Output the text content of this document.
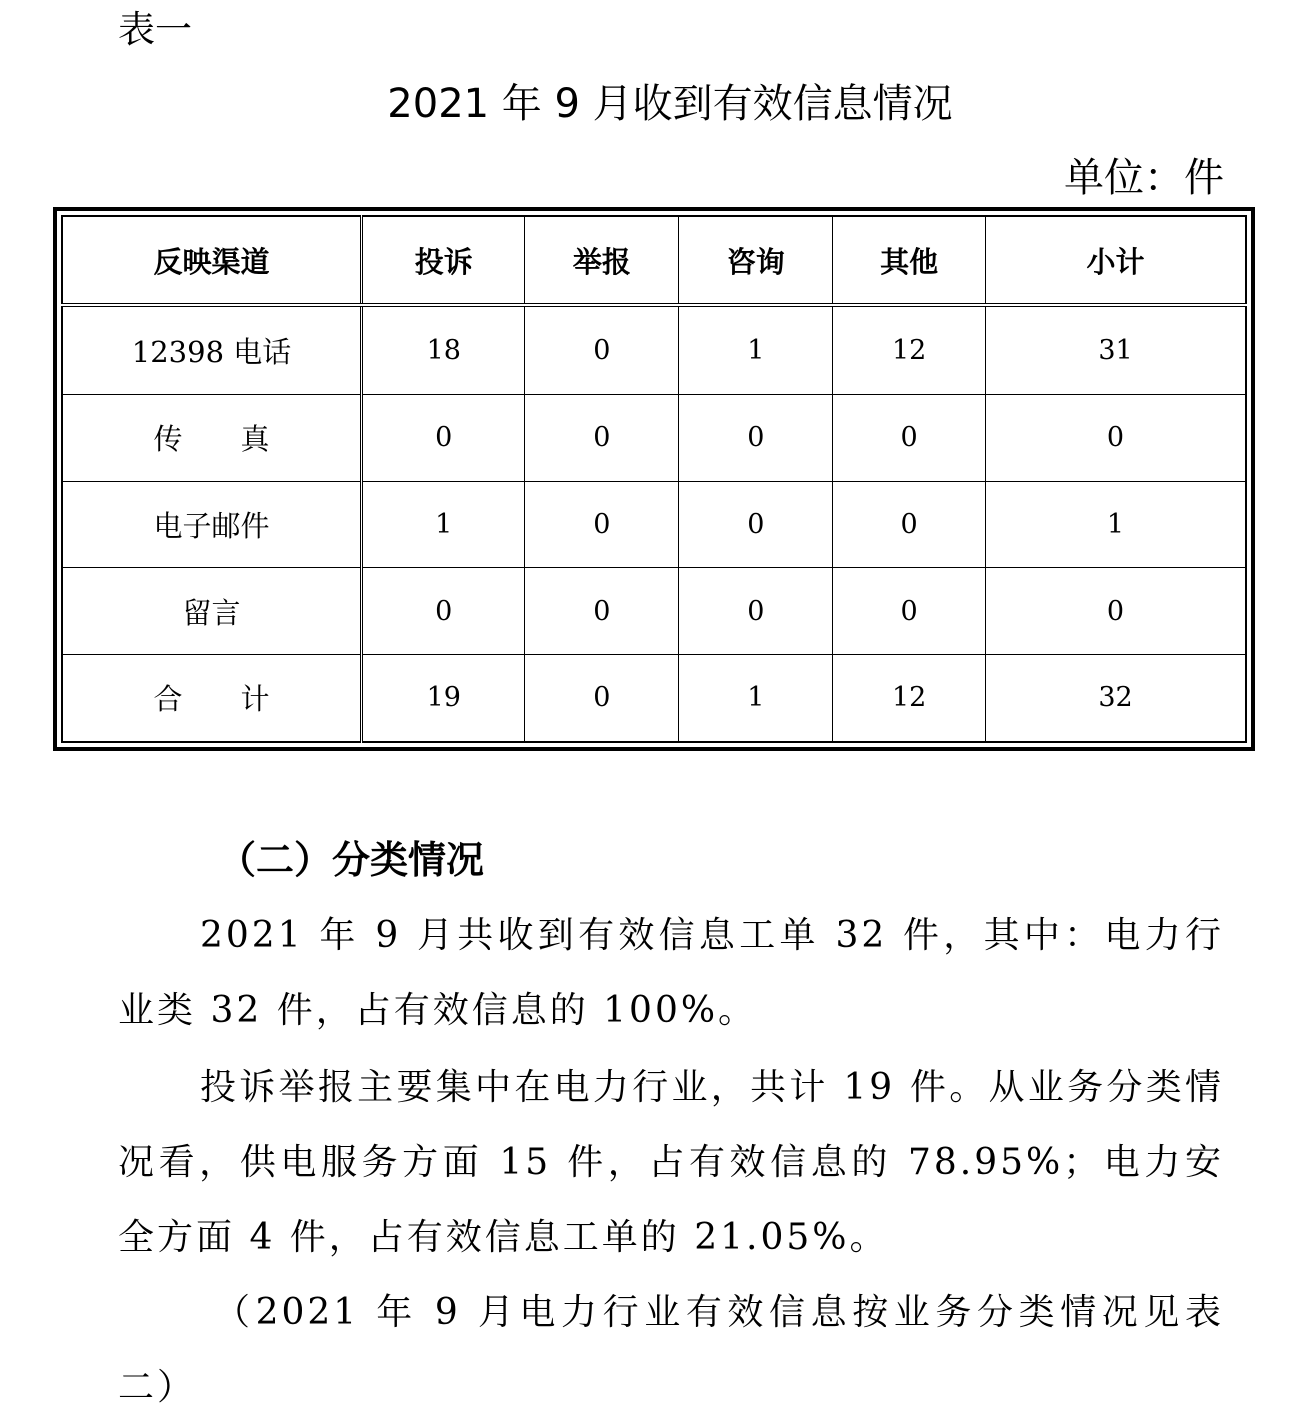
表一
2021 年 9 月收到有效信息情况
单位：件
反映渠道	投诉	举报	咨询	其他	小计
12398 电话	18	0	1	12	31
传　　真	0	0	0	0	0
电子邮件	1	0	0	0	1
留言	0	0	0	0	0
合　　计	19	0	1	12	32
（二）分类情况

2021 年 9 月共收到有效信息工单 32 件，其中：电力行业类 32 件，占有效信息的 100%。

投诉举报主要集中在电力行业，共计 19 件。从业务分类情况看，供电服务方面 15 件，占有效信息的 78.95%；电力安全方面 4 件，占有效信息工单的 21.05%。

（2021 年 9 月电力行业有效信息按业务分类情况见表二）
